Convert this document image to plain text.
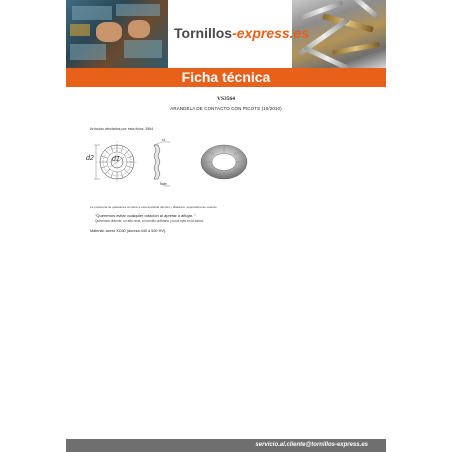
Tornillos-express.es
Ficha técnica
VS3564
ARANDELA DE CONTACTO CON PICOTS (10/2010)
Artículos afectados por esta ficha: 3564
d2	d1
s1
h/dm
La presencia de pasadores confiere a esta arandela dientes y dilatados, especialmente cuando
"Queremos evitar cualquier rotación al apretar o aflojar. "
Queremos obtener, un alto nivel, un tornillo ordinario y unos ejes en la forma.
Material: acero XC60 (dureza 440 a 520 HV).
servicio.al.cliente@tornillos-express.es
